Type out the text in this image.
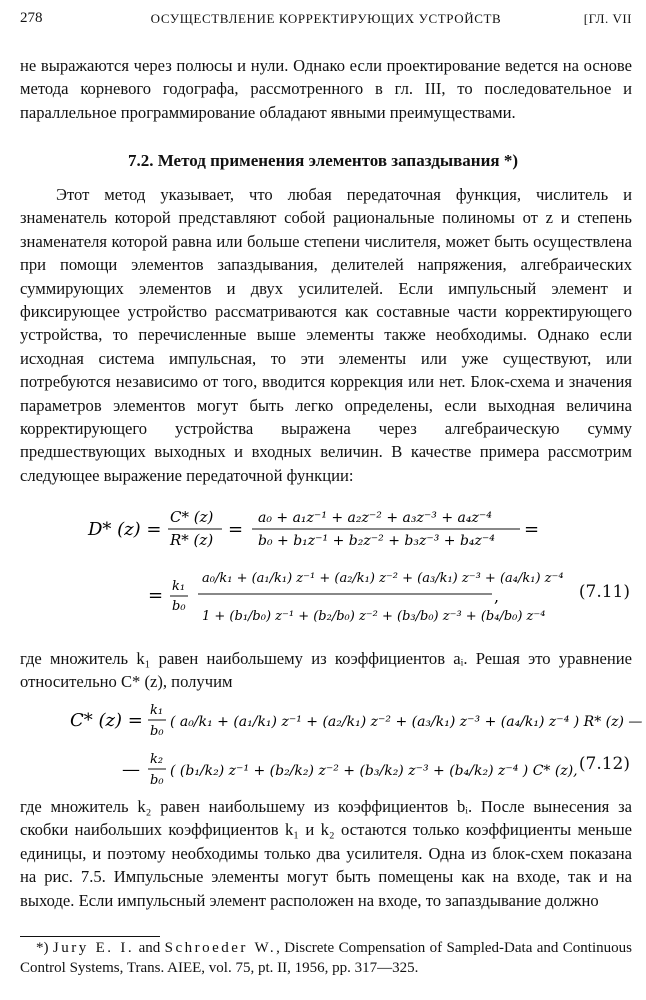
278	ОСУЩЕСТВЛЕНИЕ КОРРЕКТИРУЮЩИХ УСТРОЙСТВ	[ГЛ. VII

не выражаются через полюсы и нули. Однако если проектирование ведется на основе метода корневого годографа, рассмотренного в гл. III, то последовательное и параллельное программирование обладают явными преимуществами.

7.2. Метод применения элементов запаздывания *)

Этот метод указывает, что любая передаточная функция, числитель и знаменатель которой представляют собой рациональные полиномы от z и степень знаменателя которой равна или больше степени числителя, может быть осуществлена при помощи элементов запаздывания, делителей напряжения, алгебраических суммирующих элементов и двух усилителей. Если импульсный элемент и фиксирующее устройство рассматриваются как составные части корректирующего устройства, то перечисленные выше элементы также необходимы. Однако если исходная система импульсная, то эти элементы или уже существуют, или потребуются независимо от того, вводится коррекция или нет. Блок-схема и значения параметров элементов могут быть легко определены, если выходная величина корректирующего устройства выражена через алгебраическую сумму предшествующих выходных и входных величин. В качестве примера рассмотрим следующее выражение передаточной функции:

D* (z) =
C* (z)
R* (z) =
a₀ + a₁z⁻¹ + a₂z⁻² + a₃z⁻³ + a₄z⁻⁴
b₀ + b₁z⁻¹ + b₂z⁻² + b₃z⁻³ + b₄z⁻⁴
=
= k₁
b₀
a₀/k₁ + (a₁/k₁) z⁻¹ + (a₂/k₁) z⁻² + (a₃/k₁) z⁻³ + (a₄/k₁) z⁻⁴
1 + (b₁/b₀) z⁻¹ + (b₂/b₀) z⁻² + (b₃/b₀) z⁻³ + (b₄/b₀) z⁻⁴
,	(7.11)

где множитель k₁ равен наибольшему из коэффициентов aᵢ. Решая это уравнение относительно C* (z), получим

C* (z) = k₁
b₀
( a₀/k₁ + (a₁/k₁) z⁻¹ + (a₂/k₁) z⁻² + (a₃/k₁) z⁻³ + (a₄/k₁) z⁻⁴ ) R* (z) —
— k₂
b₀
( (b₁/k₂) z⁻¹ + (b₂/k₂) z⁻² + (b₃/k₂) z⁻³ + (b₄/k₂) z⁻⁴ ) C* (z), (7.12)

где множитель k₂ равен наибольшему из коэффициентов bᵢ. После вынесения за скобки наибольших коэффициентов k₁ и k₂ остаются только коэффициенты меньше единицы, и поэтому необходимы только два усилителя. Одна из блок-схем показана на рис. 7.5. Импульсные элементы могут быть помещены как на входе, так и на выходе. Если импульсный элемент расположен на входе, то запаздывание должно

*) Jury E. I. and Schroeder W., Discrete Compensation of Sampled-Data and Continuous Control Systems, Trans. AIEE, vol. 75, pt. II, 1956, pp. 317—325.
